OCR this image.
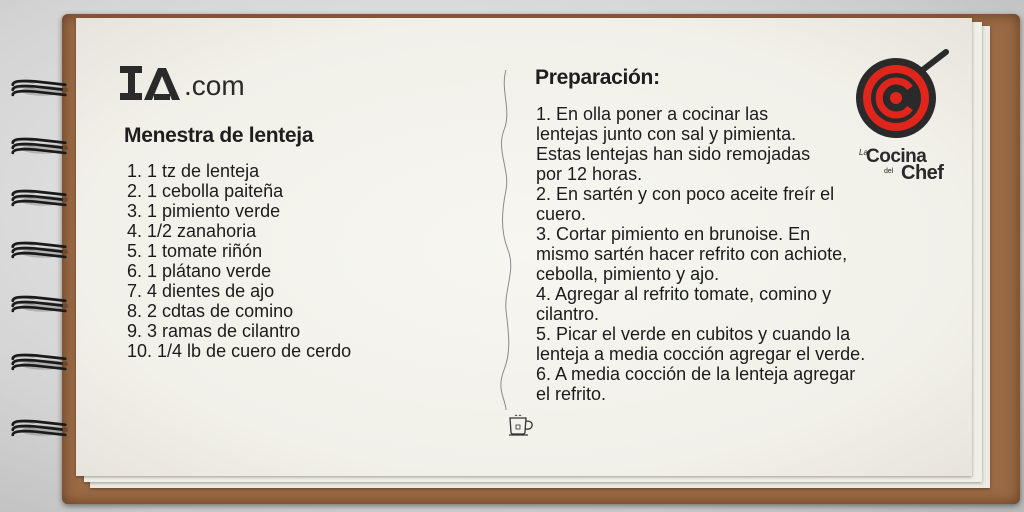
.com
Menestra de lenteja
1. 1 tz de lenteja
2. 1 cebolla paiteña
3. 1 pimiento verde
4. 1/2 zanahoria
5. 1 tomate riñón
6. 1 plátano verde
7. 4 dientes de ajo
8. 2 cdtas de comino
9. 3 ramas de cilantro
10. 1/4 lb de cuero de cerdo
Preparación:
1. En olla poner a cocinar las
lentejas junto con sal y pimienta.
Estas lentejas han sido remojadas
por 12 horas.
2. En sartén y con poco aceite freír el
cuero.
3. Cortar pimiento en brunoise. En
mismo sartén hacer refrito con achiote,
cebolla, pimiento y ajo.
4. Agregar al refrito tomate, comino y
cilantro.
5. Picar el verde en cubitos y cuando la
lenteja a media cocción agregar el verde.
6. A media cocción de la lenteja agregar
el refrito.
La
Cocina
del Chef
